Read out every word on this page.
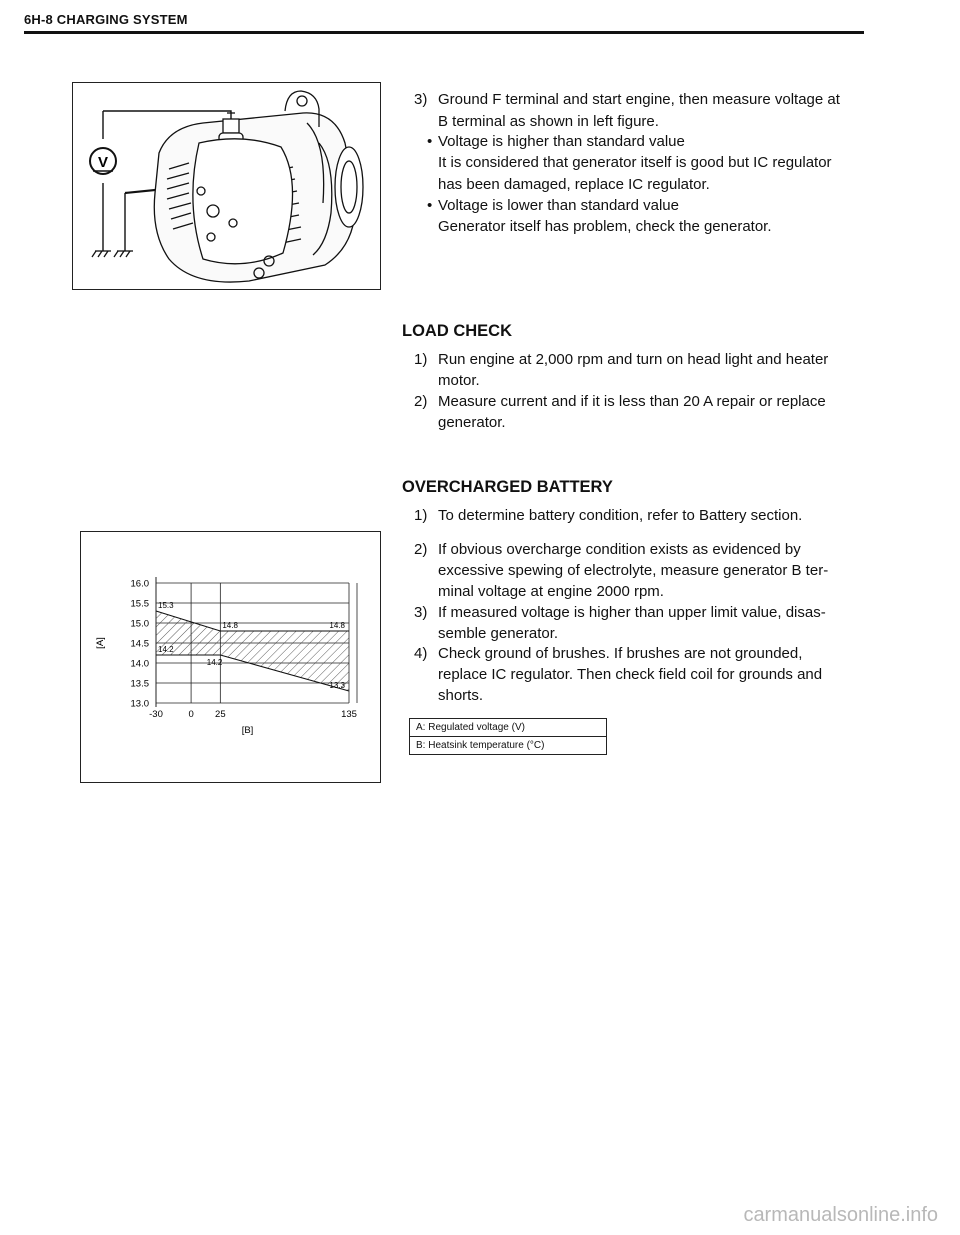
6H-8 CHARGING SYSTEM
V
3) Ground F terminal and start engine, then measure voltage at
B terminal as shown in left figure.
• Voltage is higher than standard value
It is considered that generator itself is good but IC regulator
has been damaged, replace IC regulator.
• Voltage is lower than standard value
Generator itself has problem, check the generator.
LOAD CHECK
1) Run engine at 2,000 rpm and turn on head light and heater
motor.
2) Measure current and if it is less than 20 A repair or replace
generator.
OVERCHARGED BATTERY
1) To determine battery condition, refer to Battery section.
2) If obvious overcharge condition exists as evidenced by
excessive spewing of electrolyte, measure generator B ter-
minal voltage at engine 2000 rpm.
3) If measured voltage is higher than upper limit value, disas-
semble generator.
4) Check ground of brushes. If brushes are not grounded,
replace IC regulator. Then check field coil for grounds and
shorts.
16.0
15.5
15.0
14.5
14.0
13.5
13.0
-30	0 25	135
15.3
14.8	14.8
14.2
14.2
13.3
[B]
[A]
A: Regulated voltage (V)
B: Heatsink temperature (°C)
carmanualsonline.info
